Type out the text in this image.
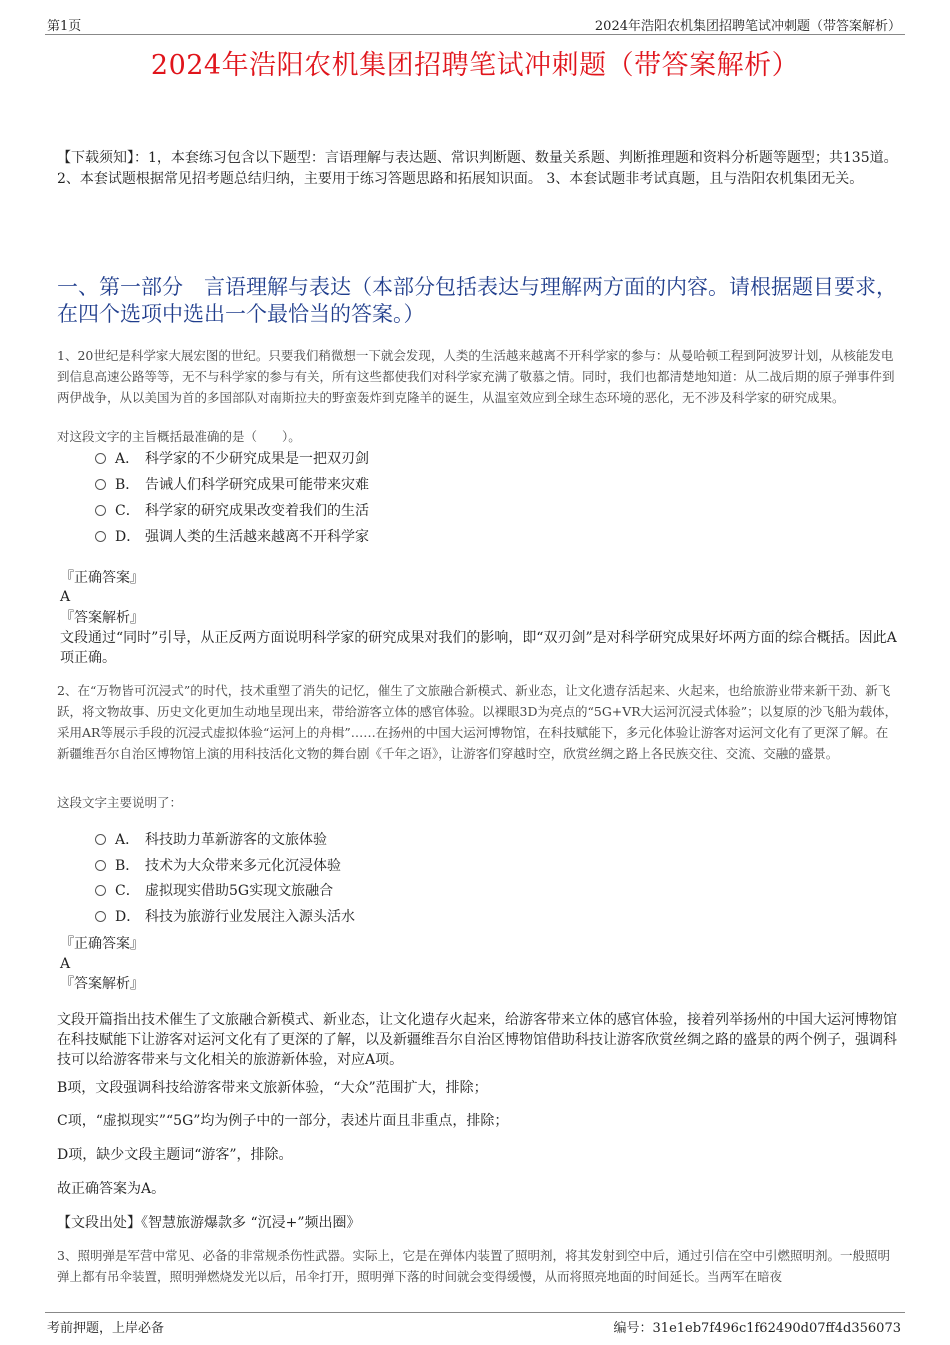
第1页	2024年浩阳农机集团招聘笔试冲刺题（带答案解析）
2024年浩阳农机集团招聘笔试冲刺题（带答案解析）
【下载须知】：1，本套练习包含以下题型：言语理解与表达题、常识判断题、数量关系题、判断推理题和资料分析题等题型；共135道。 2、本套试题根据常见招考题总结归纳，主要用于练习答题思路和拓展知识面。 3、本套试题非考试真题，且与浩阳农机集团无关。
一、第一部分　言语理解与表达（本部分包括表达与理解两方面的内容。请根据题目要求，在四个选项中选出一个最恰当的答案。）
1、20世纪是科学家大展宏图的世纪。只要我们稍微想一下就会发现，人类的生活越来越离不开科学家的参与：从曼哈顿工程到阿波罗计划，从核能发电到信息高速公路等等，无不与科学家的参与有关，所有这些都使我们对科学家充满了敬慕之情。同时，我们也都清楚地知道：从二战后期的原子弹事件到两伊战争，从以美国为首的多国部队对南斯拉夫的野蛮轰炸到克隆羊的诞生，从温室效应到全球生态环境的恶化，无不涉及科学家的研究成果。
对这段文字的主旨概括最准确的是（　　）。
A． 科学家的不少研究成果是一把双刃剑
B． 告诫人们科学研究成果可能带来灾难
C． 科学家的研究成果改变着我们的生活
D． 强调人类的生活越来越离不开科学家
『正确答案』
A
『答案解析』
文段通过“同时”引导，从正反两方面说明科学家的研究成果对我们的影响，即“双刃剑”是对科学研究成果好坏两方面的综合概括。因此A项正确。
2、在“万物皆可沉浸式”的时代，技术重塑了消失的记忆，催生了文旅融合新模式、新业态，让文化遗存活起来、火起来，也给旅游业带来新干劲、新飞跃，将文物故事、历史文化更加生动地呈现出来，带给游客立体的感官体验。以裸眼3D为亮点的“5G+VR大运河沉浸式体验”；以复原的沙飞船为载体，采用AR等展示手段的沉浸式虚拟体验“运河上的舟楫”……在扬州的中国大运河博物馆，在科技赋能下，多元化体验让游客对运河文化有了更深了解。在新疆维吾尔自治区博物馆上演的用科技活化文物的舞台剧《千年之语》，让游客们穿越时空，欣赏丝绸之路上各民族交往、交流、交融的盛景。
这段文字主要说明了：
A． 科技助力革新游客的文旅体验
B． 技术为大众带来多元化沉浸体验
C． 虚拟现实借助5G实现文旅融合
D． 科技为旅游行业发展注入源头活水
『正确答案』
A
『答案解析』
文段开篇指出技术催生了文旅融合新模式、新业态，让文化遗存火起来，给游客带来立体的感官体验，接着列举扬州的中国大运河博物馆在科技赋能下让游客对运河文化有了更深的了解，以及新疆维吾尔自治区博物馆借助科技让游客欣赏丝绸之路的盛景的两个例子，强调科技可以给游客带来与文化相关的旅游新体验，对应A项。
B项，文段强调科技给游客带来文旅新体验，“大众”范围扩大，排除；
C项，“虚拟现实”“5G”均为例子中的一部分，表述片面且非重点，排除；
D项，缺少文段主题词“游客”，排除。
故正确答案为A。
【文段出处】《智慧旅游爆款多 “沉浸+”频出圈》
3、照明弹是军营中常见、必备的非常规杀伤性武器。实际上，它是在弹体内装置了照明剂，将其发射到空中后，通过引信在空中引燃照明剂。一般照明弹上都有吊伞装置，照明弹燃烧发光以后，吊伞打开，照明弹下落的时间就会变得缓慢，从而将照亮地面的时间延长。当两军在暗夜
考前押题，上岸必备	编号：31e1eb7f496c1f62490d07ff4d356073
